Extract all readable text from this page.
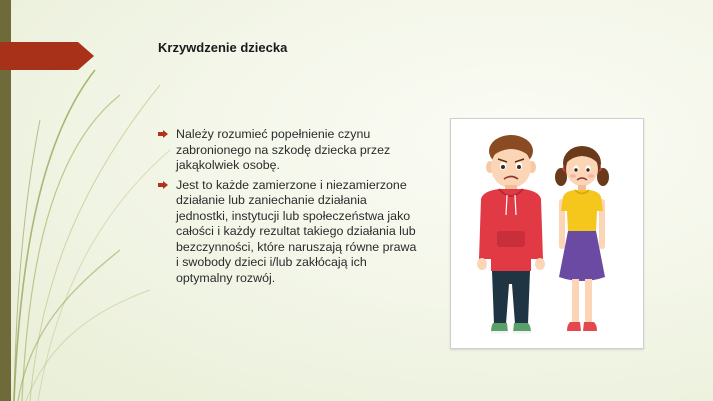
Krzywdzenie dziecka
Należy rozumieć popełnienie czynu zabronionego na szkodę dziecka przez jakąkolwiek osobę.
Jest to każde zamierzone i niezamierzone działanie lub zaniechanie działania jednostki, instytucji lub społeczeństwa jako całości i każdy rezultat takiego działania lub bezczynności, które naruszają równe prawa i swobody dzieci i/lub zakłócają ich optymalny rozwój.
